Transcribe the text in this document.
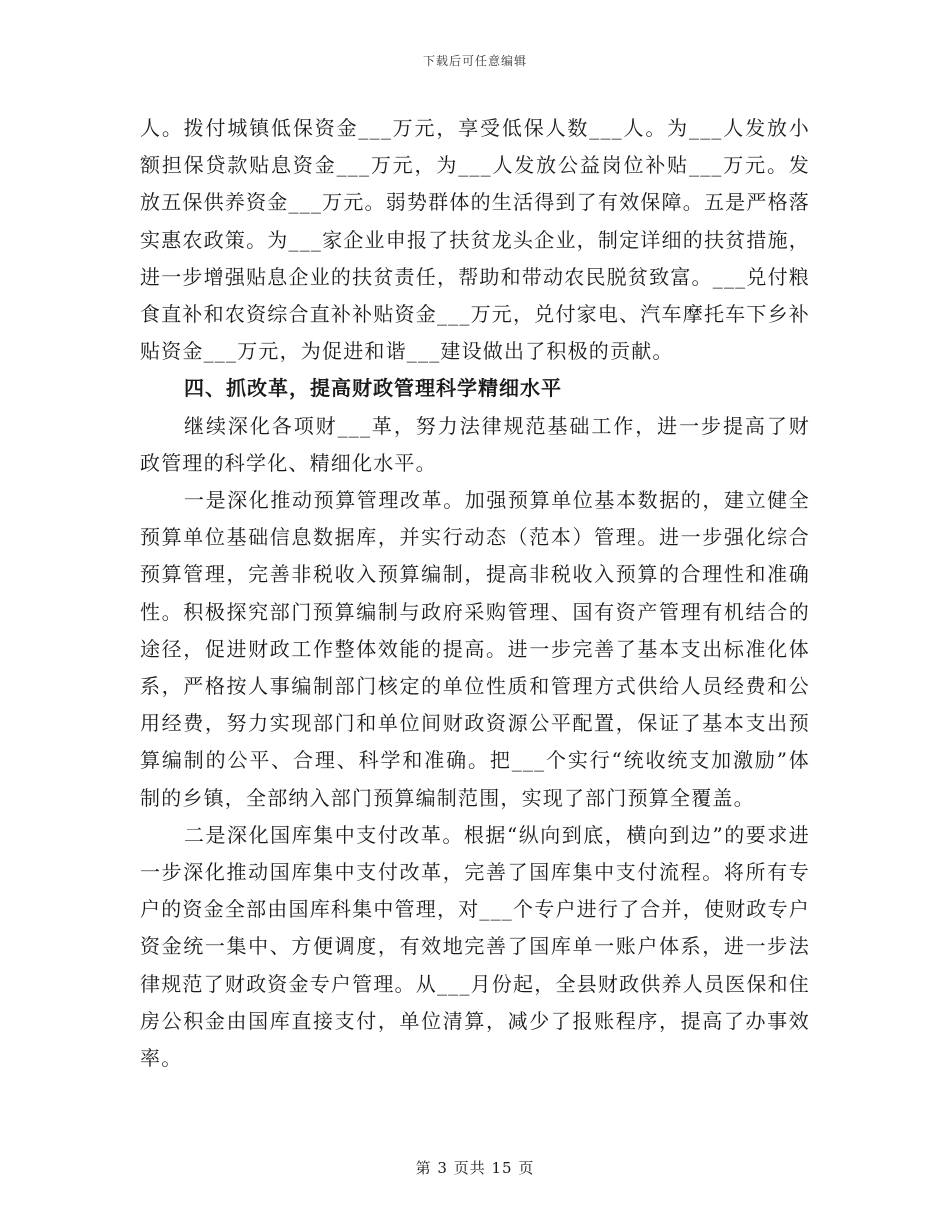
下载后可任意编辑

人。拨付城镇低保资金___万元，享受低保人数___人。为___人发放小额担保贷款贴息资金___万元，为___人发放公益岗位补贴___万元。发放五保供养资金___万元。弱势群体的生活得到了有效保障。五是严格落实惠农政策。为___家企业申报了扶贫龙头企业，制定详细的扶贫措施，进一步增强贴息企业的扶贫责任，帮助和带动农民脱贫致富。___兑付粮食直补和农资综合直补补贴资金___万元，兑付家电、汽车摩托车下乡补贴资金___万元，为促进和谐___建设做出了积极的贡献。

四、抓改革，提高财政管理科学精细水平

继续深化各项财___革，努力法律规范基础工作，进一步提高了财政管理的科学化、精细化水平。

一是深化推动预算管理改革。加强预算单位基本数据的，建立健全预算单位基础信息数据库，并实行动态（范本）管理。进一步强化综合预算管理，完善非税收入预算编制，提高非税收入预算的合理性和准确性。积极探究部门预算编制与政府采购管理、国有资产管理有机结合的途径，促进财政工作整体效能的提高。进一步完善了基本支出标准化体系，严格按人事编制部门核定的单位性质和管理方式供给人员经费和公用经费，努力实现部门和单位间财政资源公平配置，保证了基本支出预算编制的公平、合理、科学和准确。把___个实行“统收统支加激励”体制的乡镇，全部纳入部门预算编制范围，实现了部门预算全覆盖。

二是深化国库集中支付改革。根据“纵向到底，横向到边”的要求进一步深化推动国库集中支付改革，完善了国库集中支付流程。将所有专户的资金全部由国库科集中管理，对___个专户进行了合并，使财政专户资金统一集中、方便调度，有效地完善了国库单一账户体系，进一步法律规范了财政资金专户管理。从___月份起，全县财政供养人员医保和住房公积金由国库直接支付，单位清算，减少了报账程序，提高了办事效率。

第 3 页共 15 页
